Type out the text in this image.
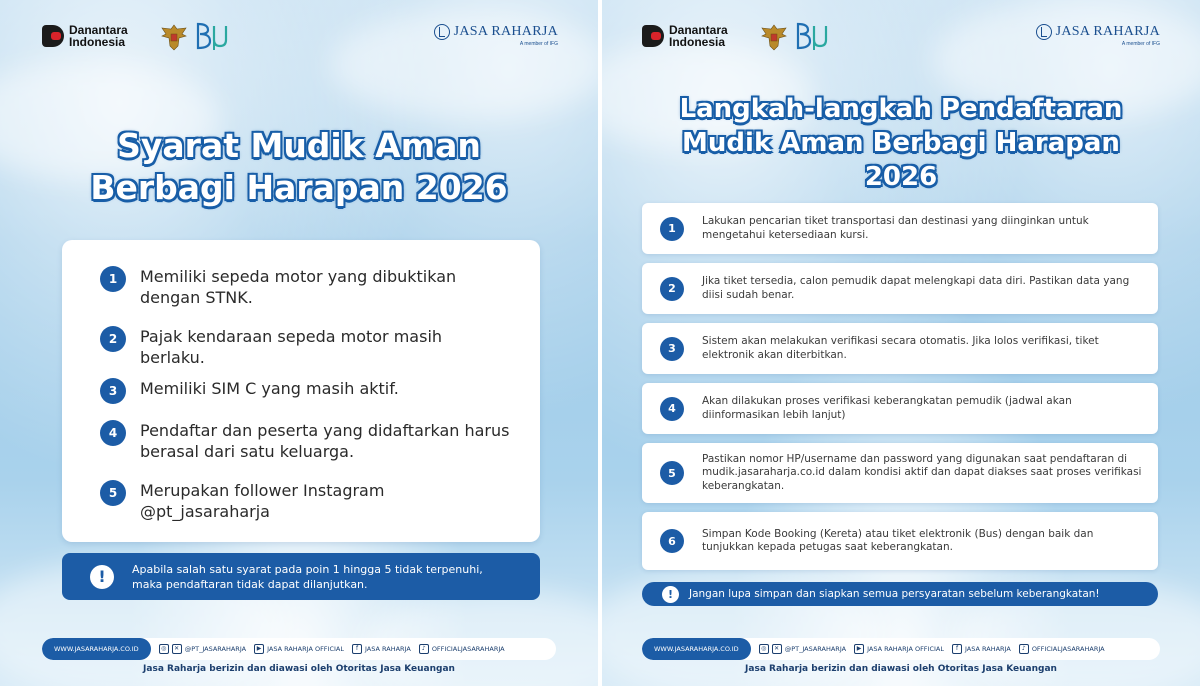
Danantara
Indonesia
JASA RAHARJA
A member of IFG
Syarat Mudik Aman
Berbagi Harapan 2026
1	Memiliki sepeda motor yang dibuktikan dengan STNK.
2	Pajak kendaraan sepeda motor masih berlaku.
3	Memiliki SIM C yang masih aktif.
4	Pendaftar dan peserta yang didaftarkan harus berasal dari satu keluarga.
5	Merupakan follower Instagram @pt_jasaraharja
!	Apabila salah satu syarat pada poin 1 hingga 5 tidak terpenuhi,
maka pendaftaran tidak dapat dilanjutkan.
WWW.JASARAHARJA.CO.ID	◎	✕ @PT_JASARAHARJA	▶ JASA RAHARJA OFFICIAL	f	JASA RAHARJA	♪ OFFICIALJASARAHARJA
Jasa Raharja berizin dan diawasi oleh Otoritas Jasa Keuangan
Danantara
Indonesia
JASA RAHARJA
A member of IFG
Langkah-langkah Pendaftaran
Mudik Aman Berbagi Harapan
2026
1
Lakukan pencarian tiket transportasi dan destinasi yang diinginkan untuk mengetahui ketersediaan kursi.
2
Jika tiket tersedia, calon pemudik dapat melengkapi data diri. Pastikan data yang diisi sudah benar.
3
Sistem akan melakukan verifikasi secara otomatis. Jika lolos verifikasi, tiket elektronik akan diterbitkan.
4
Akan dilakukan proses verifikasi keberangkatan pemudik (jadwal akan diinformasikan lebih lanjut)
5
Pastikan nomor HP/username dan password yang digunakan saat pendaftaran di mudik.jasaraharja.co.id dalam kondisi aktif dan dapat diakses saat proses verifikasi keberangkatan.
6
Simpan Kode Booking (Kereta) atau tiket elektronik (Bus) dengan baik dan tunjukkan kepada petugas saat keberangkatan.
!	Jangan lupa simpan dan siapkan semua persyaratan sebelum keberangkatan!
WWW.JASARAHARJA.CO.ID	◎	✕ @PT_JASARAHARJA	▶ JASA RAHARJA OFFICIAL	f	JASA RAHARJA	♪ OFFICIALJASARAHARJA
Jasa Raharja berizin dan diawasi oleh Otoritas Jasa Keuangan
